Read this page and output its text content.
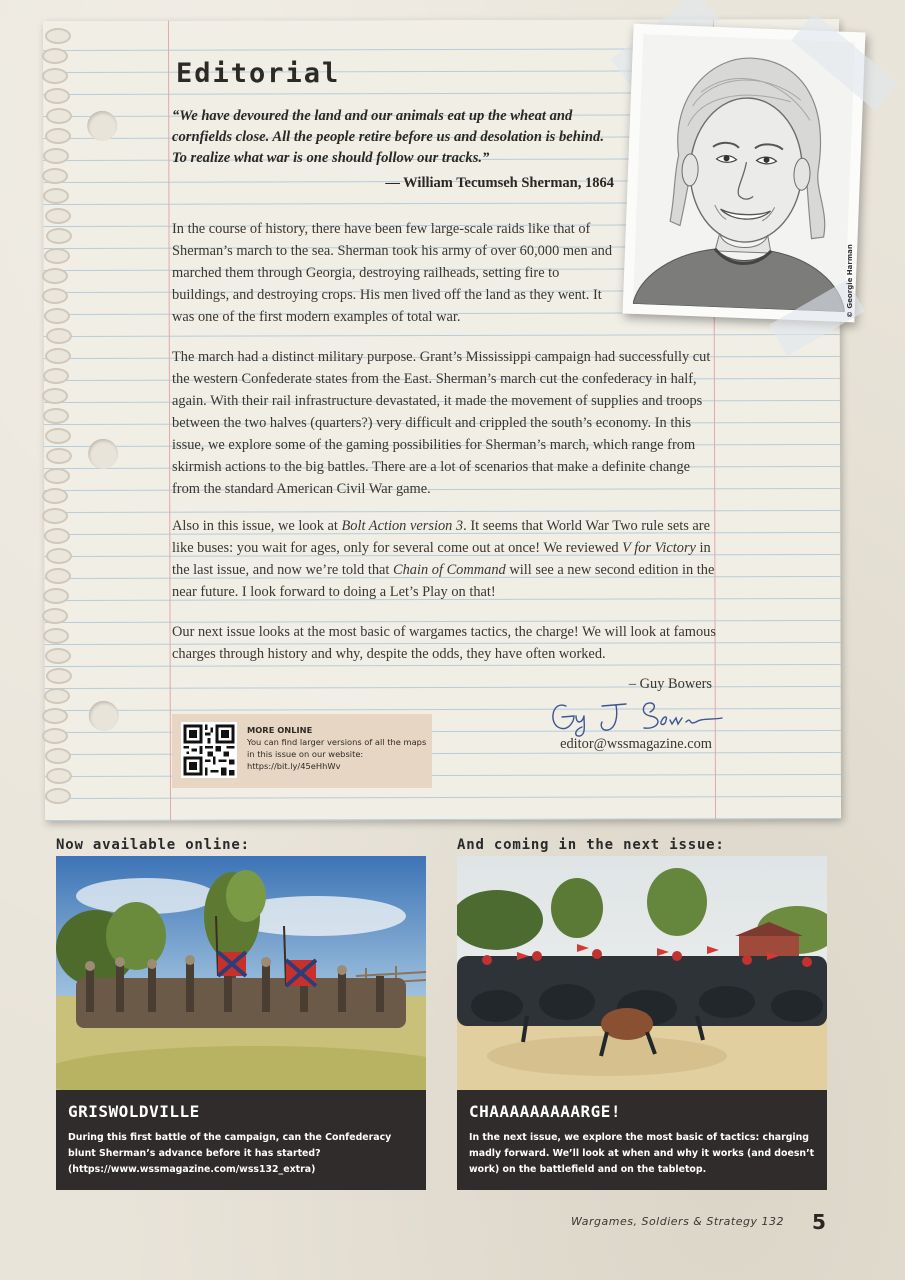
Editorial

“We have devoured the land and our animals eat up the wheat and cornfields close. All the people retire before us and desolation is behind. To realize what war is one should follow our tracks.”

— William Tecumseh Sherman, 1864

In the course of history, there have been few large-scale raids like that of Sherman’s march to the sea. Sherman took his army of over 60,000 men and marched them through Georgia, destroying railheads, setting fire to buildings, and destroying crops. His men lived off the land as they went. It was one of the first modern examples of total war.

The march had a distinct military purpose. Grant’s Mississippi campaign had successfully cut the western Confederate states from the East. Sherman’s march cut the confederacy in half, again. With their rail infrastructure devastated, it made the movement of supplies and troops between the two halves (quarters?) very difficult and crippled the south’s economy. In this issue, we explore some of the gaming possibilities for Sherman’s march, which range from skirmish actions to the big battles. There are a lot of scenarios that make a definite change from the standard American Civil War game.

Also in this issue, we look at Bolt Action version 3. It seems that World War Two rule sets are like buses: you wait for ages, only for several come out at once! We reviewed V for Victory in the last issue, and now we’re told that Chain of Command will see a new second edition in the near future. I look forward to doing a Let’s Play on that!

Our next issue looks at the most basic of wargames tactics, the charge! We will look at famous charges through history and why, despite the odds, they have often worked.

– Guy Bowers

editor@wssmagazine.com

MORE ONLINE
You can find larger versions of all the maps in this issue on our website: https://bit.ly/45eHhWv
© Georgie Harman

Now available online:	And coming in the next issue:

GRISWOLDVILLE

During this first battle of the campaign, can the Confederacy blunt Sherman’s advance before it has started? (https://www.wssmagazine.com/wss132_extra)

CHAAAAAAAAARGE!

In the next issue, we explore the most basic of tactics: charging madly forward. We’ll look at when and why it works (and doesn’t work) on the battlefield and on the tabletop.

Wargames, Soldiers & Strategy 132 5
